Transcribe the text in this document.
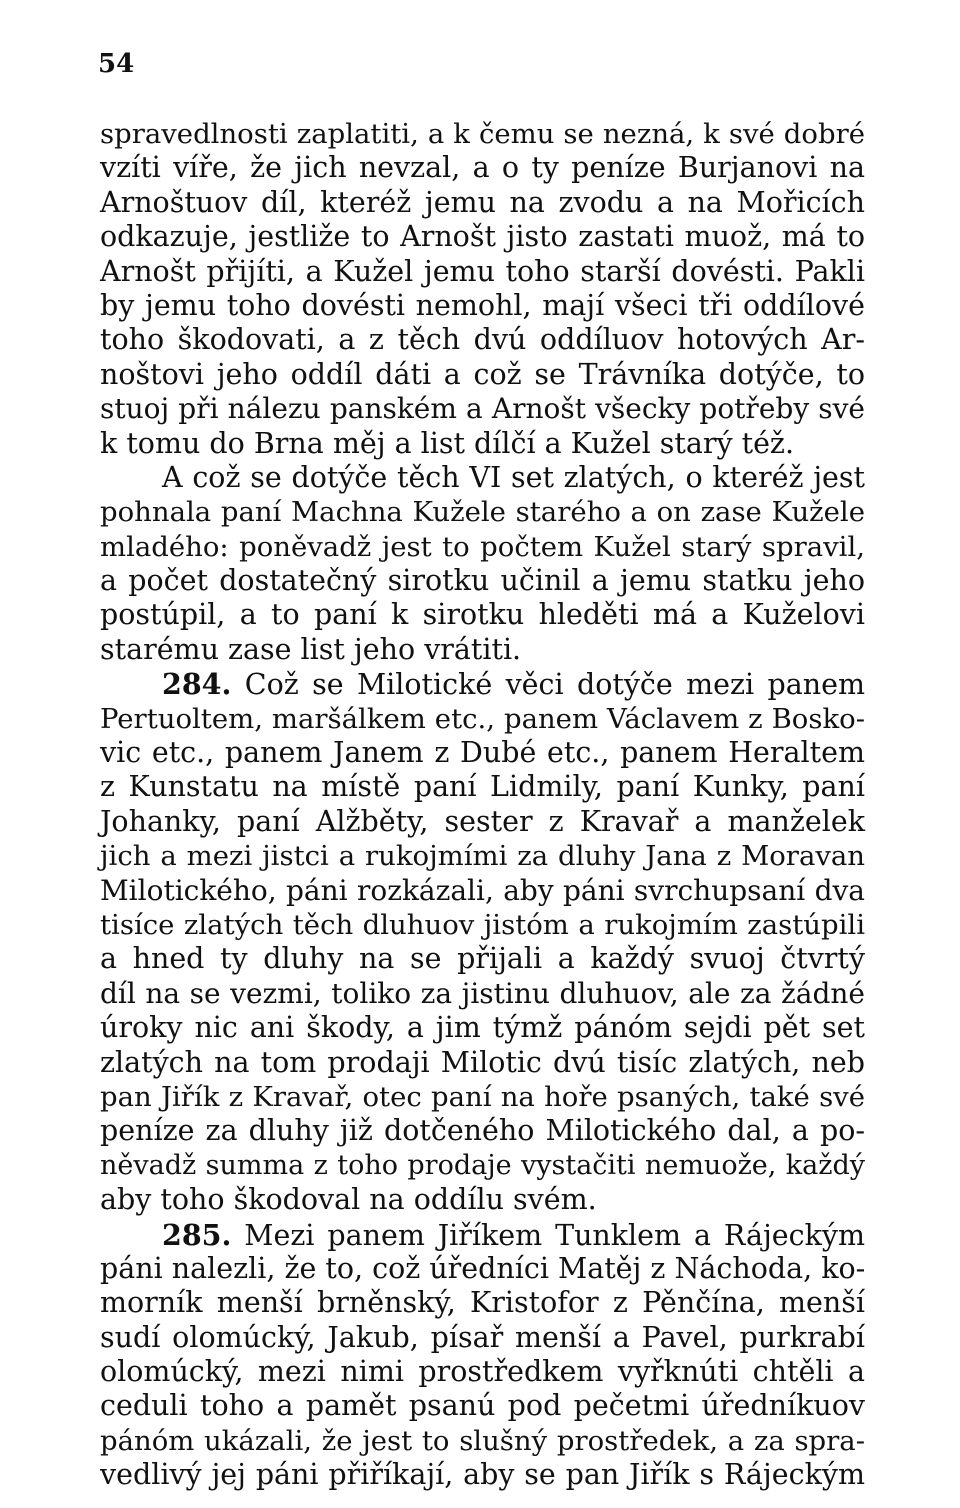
54
spravedlnosti zaplatiti, a k čemu se nezná, k své dobré
vzíti víře, že jich nevzal, a o ty peníze Burjanovi na
Arnoštuov díl, kteréž jemu na zvodu a na Mořicích
odkazuje, jestliže to Arnošt jisto zastati muož, má to
Arnošt přijíti, a Kužel jemu toho starší dovésti. Pakli
by jemu toho dovésti nemohl, mají všeci tři oddílové
toho škodovati, a z těch dvú oddíluov hotových Ar-
noštovi jeho oddíl dáti a což se Trávníka dotýče, to
stuoj při nálezu panském a Arnošt všecky potřeby své
k tomu do Brna měj a list dílčí a Kužel starý též.
A což se dotýče těch VI set zlatých, o kteréž jest
pohnala paní Machna Kužele starého a on zase Kužele
mladého: poněvadž jest to počtem Kužel starý spravil,
a počet dostatečný sirotku učinil a jemu statku jeho
postúpil, a to paní k sirotku hleděti má a Kuželovi
starému zase list jeho vrátiti.
284. Což se Milotické věci dotýče mezi panem
Pertuoltem, maršálkem etc., panem Václavem z Bosko-
vic etc., panem Janem z Dubé etc., panem Heraltem
z Kunstatu na místě paní Lidmily, paní Kunky, paní
Johanky, paní Alžběty, sester z Kravař a manželek
jich a mezi jistci a rukojmími za dluhy Jana z Moravan
Milotického, páni rozkázali, aby páni svrchupsaní dva
tisíce zlatých těch dluhuov jistóm a rukojmím zastúpili
a hned ty dluhy na se přijali a každý svuoj čtvrtý
díl na se vezmi, toliko za jistinu dluhuov, ale za žádné
úroky nic ani škody, a jim týmž pánóm sejdi pět set
zlatých na tom prodaji Milotic dvú tisíc zlatých, neb
pan Jiřík z Kravař, otec paní na hoře psaných, také své
peníze za dluhy již dotčeného Milotického dal, a po-
něvadž summa z toho prodaje vystačiti nemuože, každý
aby toho škodoval na oddílu svém.
285. Mezi panem Jiříkem Tunklem a Rájeckým
páni nalezli, že to, což úředníci Matěj z Náchoda, ko-
morník menší brněnský, Kristofor z Pěnčína, menší
sudí olomúcký, Jakub, písař menší a Pavel, purkrabí
olomúcký, mezi nimi prostředkem vyřknúti chtěli a
ceduli toho a pamět psanú pod pečetmi úředníkuov
pánóm ukázali, že jest to slušný prostředek, a za spra-
vedlivý jej páni přiříkají, aby se pan Jiřík s Rájeckým
